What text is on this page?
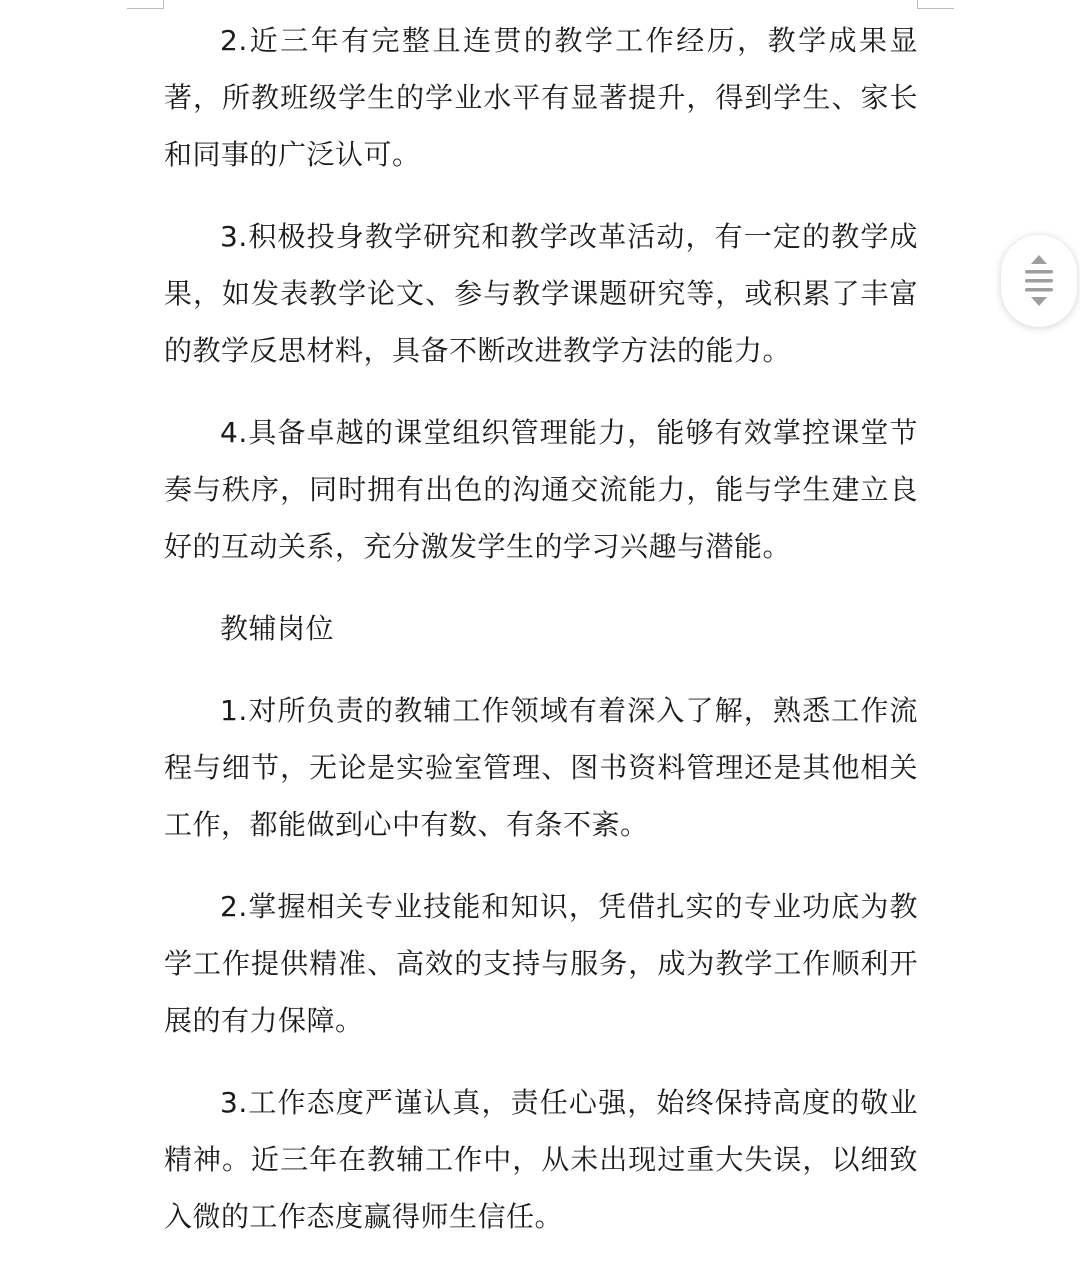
2.近三年有完整且连贯的教学工作经历，教学成果显著，所教班级学生的学业水平有显著提升，得到学生、家长和同事的广泛认可。

3.积极投身教学研究和教学改革活动，有一定的教学成果，如发表教学论文、参与教学课题研究等，或积累了丰富的教学反思材料，具备不断改进教学方法的能力。

4.具备卓越的课堂组织管理能力，能够有效掌控课堂节奏与秩序，同时拥有出色的沟通交流能力，能与学生建立良好的互动关系，充分激发学生的学习兴趣与潜能。

教辅岗位

1.对所负责的教辅工作领域有着深入了解，熟悉工作流程与细节，无论是实验室管理、图书资料管理还是其他相关工作，都能做到心中有数、有条不紊。

2.掌握相关专业技能和知识，凭借扎实的专业功底为教学工作提供精准、高效的支持与服务，成为教学工作顺利开展的有力保障。

3.工作态度严谨认真，责任心强，始终保持高度的敬业精神。近三年在教辅工作中，从未出现过重大失误，以细致入微的工作态度赢得师生信任。
